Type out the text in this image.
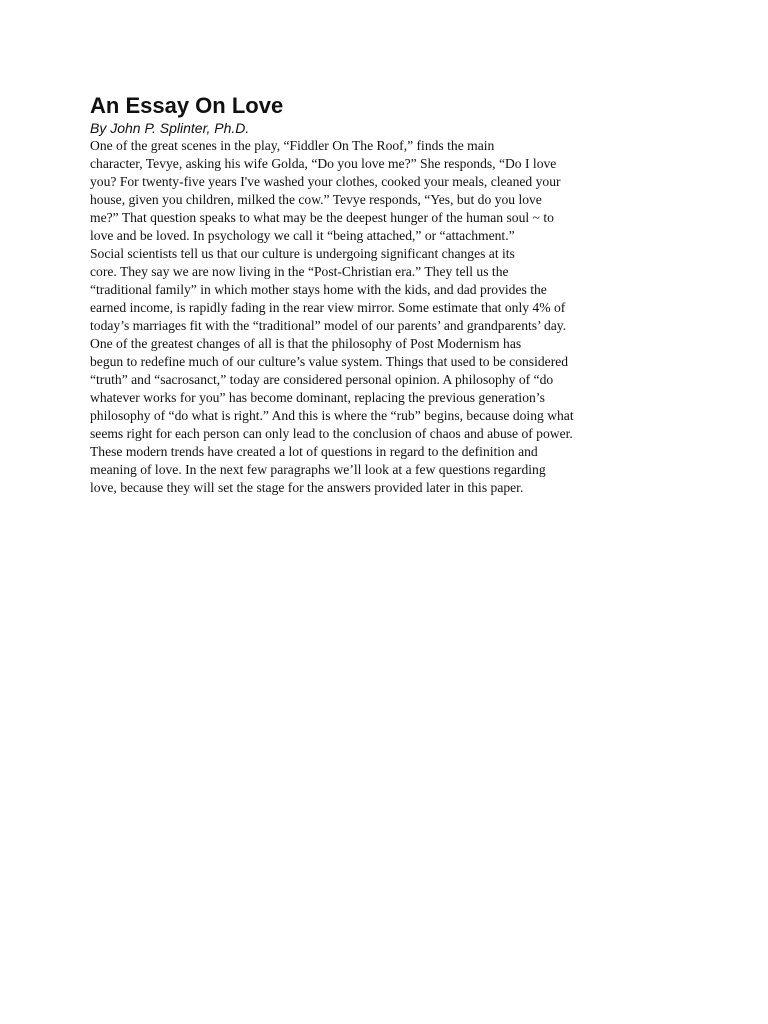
An Essay On Love

By John P. Splinter, Ph.D.

One of the great scenes in the play, “Fiddler On The Roof,” finds the main
character, Tevye, asking his wife Golda, “Do you love me?” She responds, “Do I love
you? For twenty-five years I've washed your clothes, cooked your meals, cleaned your
house, given you children, milked the cow.” Tevye responds, “Yes, but do you love
me?” That question speaks to what may be the deepest hunger of the human soul ~ to
love and be loved. In psychology we call it “being attached,” or “attachment.”

Social scientists tell us that our culture is undergoing significant changes at its
core. They say we are now living in the “Post-Christian era.” They tell us the
“traditional family” in which mother stays home with the kids, and dad provides the
earned income, is rapidly fading in the rear view mirror. Some estimate that only 4% of
today’s marriages fit with the “traditional” model of our parents’ and grandparents’ day.

One of the greatest changes of all is that the philosophy of Post Modernism has
begun to redefine much of our culture’s value system. Things that used to be considered
“truth” and “sacrosanct,” today are considered personal opinion. A philosophy of “do
whatever works for you” has become dominant, replacing the previous generation’s
philosophy of “do what is right.” And this is where the “rub” begins, because doing what
seems right for each person can only lead to the conclusion of chaos and abuse of power.

These modern trends have created a lot of questions in regard to the definition and
meaning of love. In the next few paragraphs we’ll look at a few questions regarding
love, because they will set the stage for the answers provided later in this paper.
